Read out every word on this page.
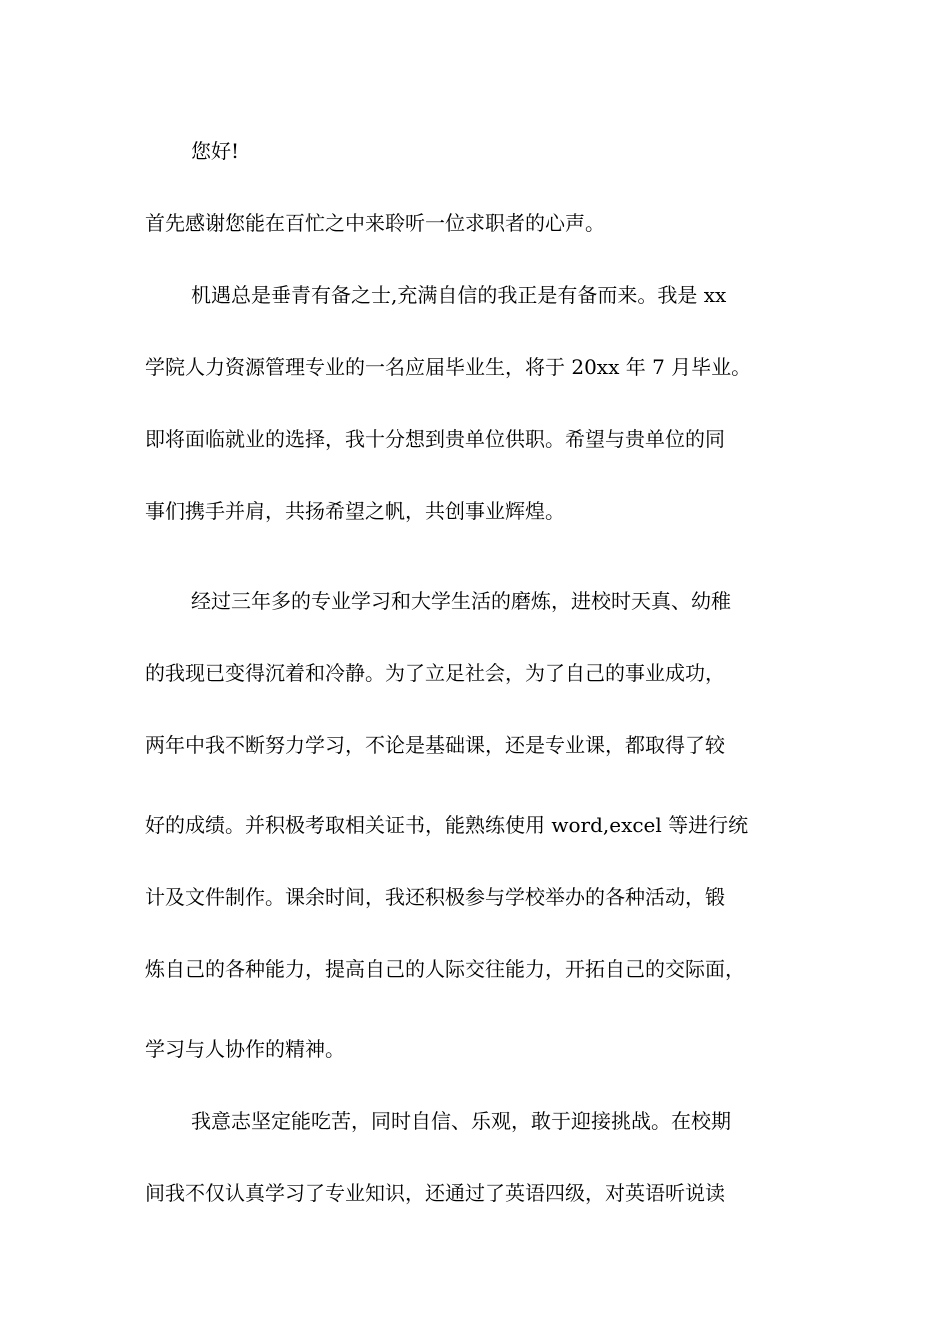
您好!
首先感谢您能在百忙之中来聆听一位求职者的心声。
机遇总是垂青有备之士,充满自信的我正是有备而来。我是 xx
学院人力资源管理专业的一名应届毕业生，将于 20xx 年 7 月毕业。
即将面临就业的选择，我十分想到贵单位供职。希望与贵单位的同
事们携手并肩，共扬希望之帆，共创事业辉煌。
经过三年多的专业学习和大学生活的磨炼，进校时天真、幼稚
的我现已变得沉着和冷静。为了立足社会，为了自己的事业成功，
两年中我不断努力学习，不论是基础课，还是专业课，都取得了较
好的成绩。并积极考取相关证书，能熟练使用 word,excel 等进行统
计及文件制作。课余时间，我还积极参与学校举办的各种活动，锻
炼自己的各种能力，提高自己的人际交往能力，开拓自己的交际面，
学习与人协作的精神。
我意志坚定能吃苦，同时自信、乐观，敢于迎接挑战。在校期
间我不仅认真学习了专业知识，还通过了英语四级，对英语听说读
